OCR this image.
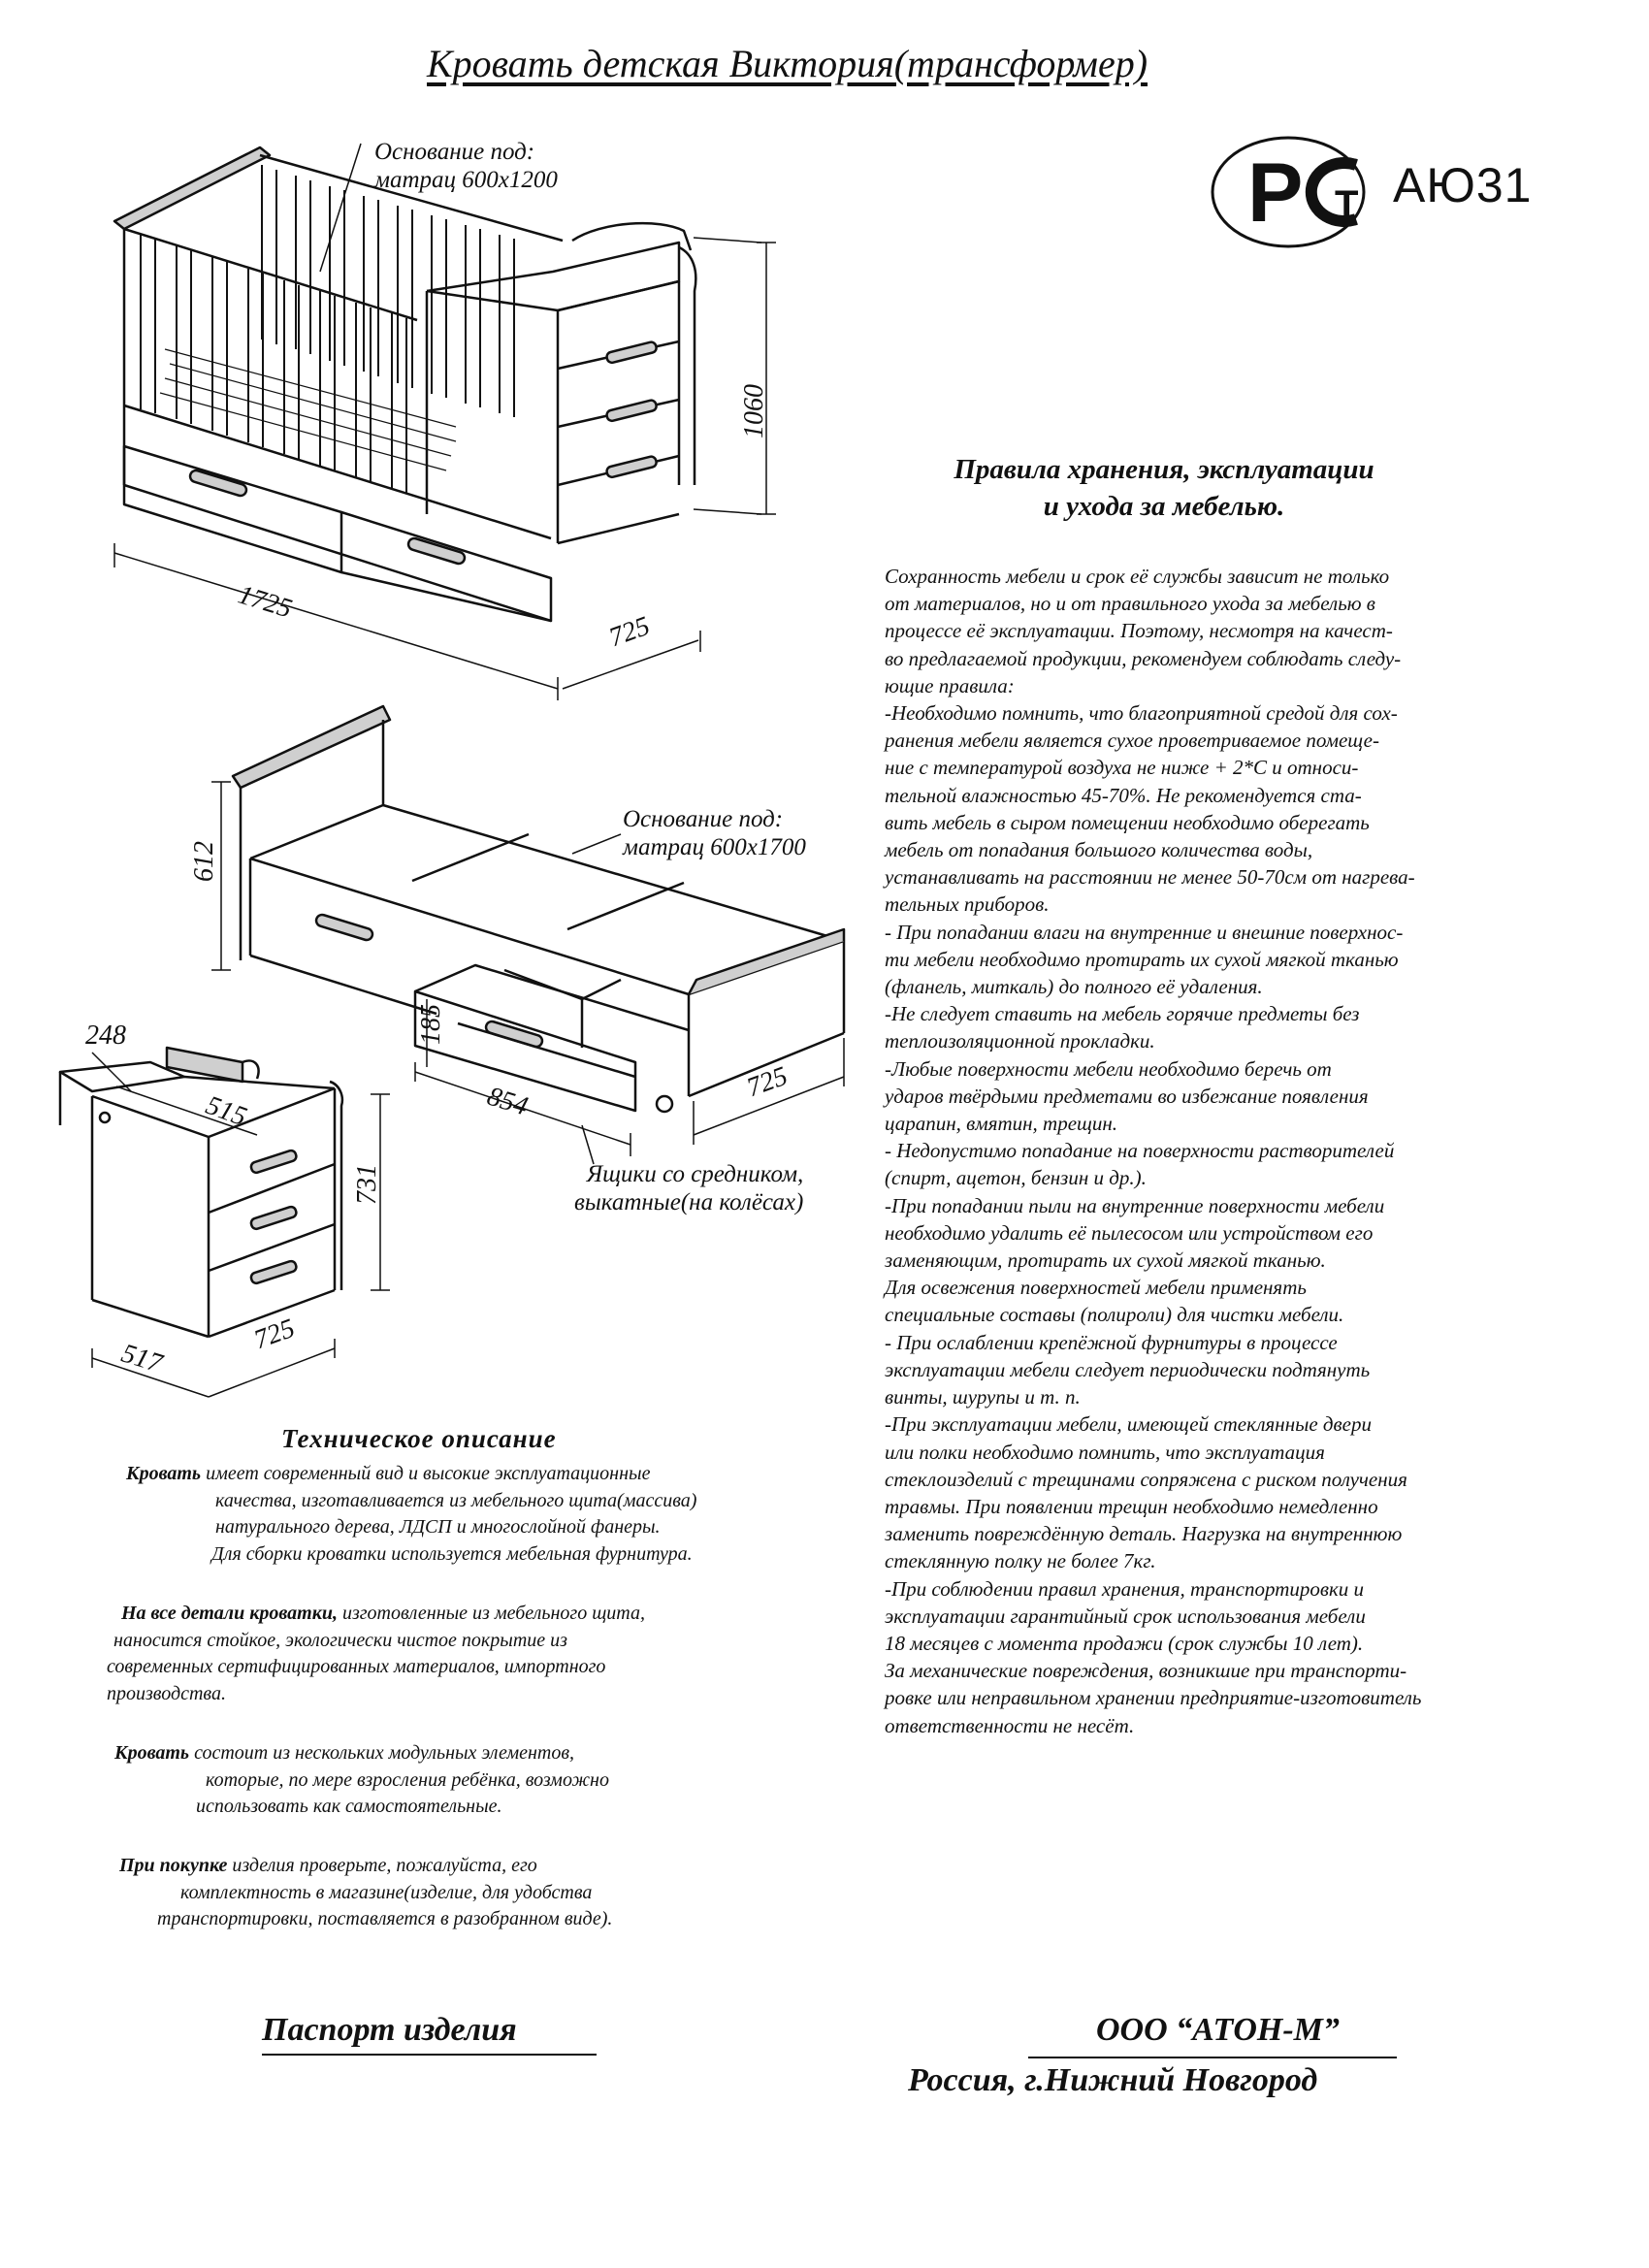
Кровать детская Виктория(трансформер)
Р Т АЮ31
Основание под:
матрац 600х1200
1725
725
1060
Основание под:
матрац 600х1700
612
185
854	725
Ящики со средником,
выкатные(на колёсах)
248
515
731
517
725
Правила хранения, эксплуатации
и ухода за мебелью.

Сохранность мебели и срок её службы зависит не только

от материалов, но и от правильного ухода за мебелью в

процессе её эксплуатации. Поэтому, несмотря на качест-

во предлагаемой продукции, рекомендуем соблюдать следу-

ющие правила:

-Необходимо помнить, что благоприятной средой для сох-

ранения мебели является сухое проветриваемое помеще-

ние с температурой воздуха не ниже + 2*С и относи-

тельной влажностью 45-70%. Не рекомендуется ста-

вить мебель в сыром помещении необходимо оберегать

мебель от попадания большого количества воды,

устанавливать на расстоянии не менее 50-70см от нагрева-

тельных приборов.

- При попадании влаги на внутренние и внешние поверхнос-

ти мебели необходимо протирать их сухой мягкой тканью

(фланель, миткаль) до полного её удаления.

-Не следует ставить на мебель горячие предметы без

теплоизоляционной прокладки.

-Любые поверхности мебели необходимо беречь от

ударов твёрдыми предметами во избежание появления

царапин, вмятин, трещин.

- Недопустимо попадание на поверхности растворителей

(спирт, ацетон, бензин и др.).

-При попадании пыли на внутренние поверхности мебели

необходимо удалить её пылесосом или устройством его

заменяющим, протирать их сухой мягкой тканью.

Для освежения поверхностей мебели применять

специальные составы (полироли) для чистки мебели.

- При ослаблении крепёжной фурнитуры в процессе

эксплуатации мебели следует периодически подтянуть

винты, шурупы и т. п.

-При эксплуатации мебели, имеющей стеклянные двери

или полки необходимо помнить, что эксплуатация

стеклоизделий с трещинами сопряжена с риском получения

травмы. При появлении трещин необходимо немедленно

заменить повреждённую деталь. Нагрузка на внутреннюю

стеклянную полку не более 7кг.

-При соблюдении правил хранения, транспортировки и

эксплуатации гарантийный срок использования мебели

18 месяцев с момента продажи (срок службы 10 лет).

За механические повреждения, возникшие при транспорти-

ровке или неправильном хранении предприятие-изготовитель

ответственности не несёт.

Техническое описание

Кровать имеет современный вид и высокие эксплуатационные

качества, изготавливается из мебельного щита(массива)

натурального дерева, ЛДСП и многослойной фанеры.

Для сборки кроватки используется мебельная фурнитура.

На все детали кроватки, изготовленные из мебельного щита,

наносится стойкое, экологически чистое покрытие из

современных сертифицированных материалов, импортного

производства.

Кровать состоит из нескольких модульных элементов,

которые, по мере взросления ребёнка, возможно

использовать как самостоятельные.

При покупке изделия проверьте, пожалуйста, его

комплектность в магазине(изделие, для удобства

транспортировки, поставляется в разобранном виде).

Паспорт изделия	ООО “АТОН-М”
Россия, г.Нижний Новгород
